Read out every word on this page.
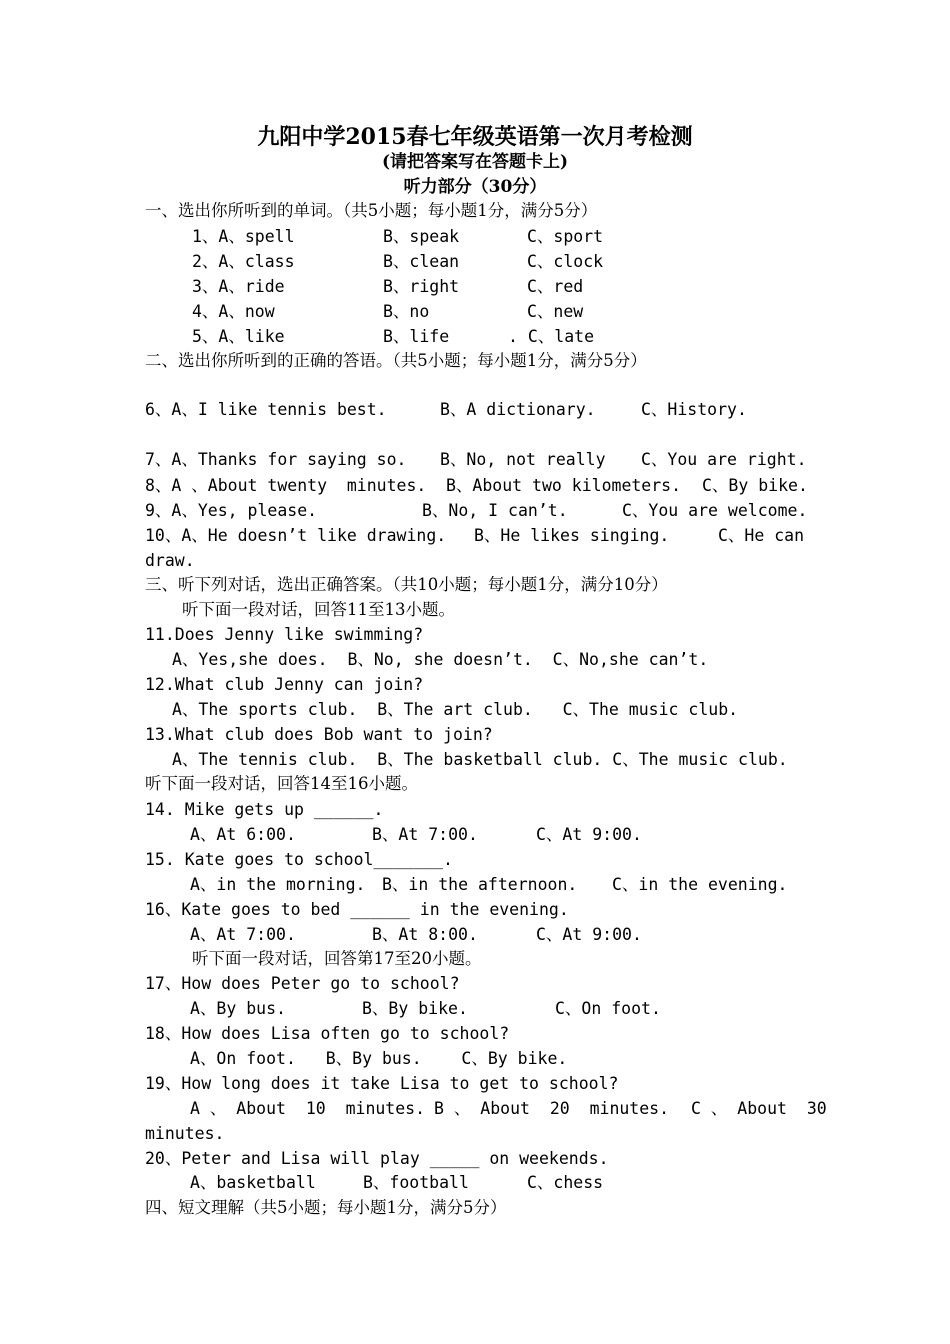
九阳中学2015春七年级英语第一次月考检测
(请把答案写在答题卡上)
听力部分（30分）
一、选出你所听到的单词。（共5小题；每小题1分，满分5分）
1、A、spell	B、speak	C、sport
2、A、class	B、clean	C、clock
3、A、ride	B、right	C、red
4、A、now	B、no	C、new
5、A、like	B、life	. C、late
二、选出你所听到的正确的答语。（共5小题；每小题1分，满分5分）
6、A、I like tennis best.	B、A dictionary.	C、History.
7、A、Thanks for saying so. B、No, not really C、You are right.
8、A 、About twenty  minutes. B、About two kilometers. C、By bike.
9、A、Yes, please.	B、No, I can’t.	C、You are welcome.
10、A、He doesn’t like drawing. B、He likes singing.	C、He can
draw.
三、听下列对话，选出正确答案。（共10小题；每小题1分，满分10分）
听下面一段对话，回答11至13小题。
11.Does Jenny like swimming?
A、Yes,she does.  B、No, she doesn’t.  C、No,she can’t.
12.What club Jenny can join?
A、The sports club.  B、The art club.   C、The music club.
13.What club does Bob want to join?
A、The tennis club.  B、The basketball club. C、The music club.
听下面一段对话，回答14至16小题。
14. Mike gets up ______.
A、At 6:00.	B、At 7:00.	C、At 9:00.
15. Kate goes to school_______.
A、in the morning. B、in the afternoon. C、in the evening.
16、Kate goes to bed ______ in the evening.
A、At 7:00.	B、At 8:00.	C、At 9:00.
听下面一段对话，回答第17至20小题。
17、How does Peter go to school?
A、By bus.	B、By bike.	C、On foot.
18、How does Lisa often go to school?
A、On foot.   B、By bus.    C、By bike.
19、How long does it take Lisa to get to school?
A 、 About  10  minutes. B 、 About  20  minutes. C 、 About  30
minutes.
20、Peter and Lisa will play _____ on weekends.
A、basketball	B、football	C、chess
四、短文理解（共5小题；每小题1分，满分5分）
